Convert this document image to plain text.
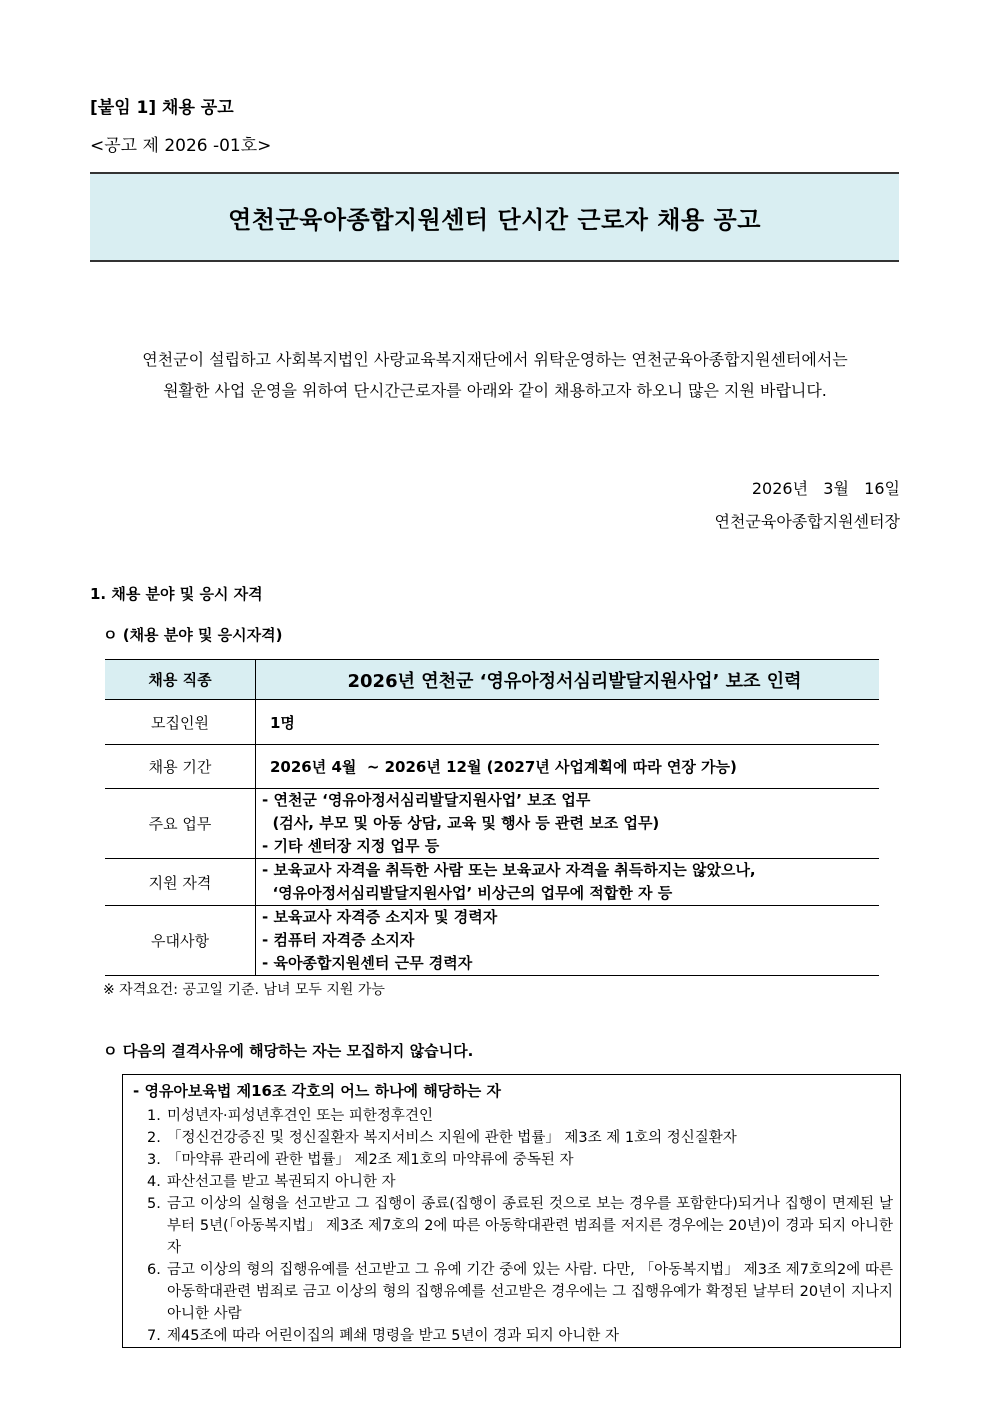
[붙임 1] 채용 공고
<공고 제 2026 -01호>
연천군육아종합지원센터 단시간 근로자 채용 공고
연천군이 설립하고 사회복지법인 사랑교육복지재단에서 위탁운영하는 연천군육아종합지원센터에서는
원활한 사업 운영을 위하여 단시간근로자를 아래와 같이 채용하고자 하오니 많은 지원 바랍니다.
2026년   3월   16일
연천군육아종합지원센터장
1. 채용 분야 및 응시 자격
ㅇ (채용 분야 및 응시자격)
채용 직종	2026년 연천군 ‘영유아정서심리발달지원사업’ 보조 인력
모집인원	1명
채용 기간	2026년 4월  ~ 2026년 12월 (2027년 사업계획에 따라 연장 가능)
주요 업무	- 연천군 ‘영유아정서심리발달지원사업’ 보조 업무
(검사, 부모 및 아동 상담, 교육 및 행사 등 관련 보조 업무)
- 기타 센터장 지정 업무 등

지원 자격	- 보육교사 자격을 취득한 사람 또는 보육교사 자격을 취득하지는 않았으나,
‘영유아정서심리발달지원사업’ 비상근의 업무에 적합한 자 등

우대사항	- 보육교사 자격증 소지자 및 경력자
- 컴퓨터 자격증 소지자
- 육아종합지원센터 근무 경력자
※ 자격요건: 공고일 기준. 남녀 모두 지원 가능
ㅇ 다음의 결격사유에 해당하는 자는 모집하지 않습니다.
- 영유아보육법 제16조 각호의 어느 하나에 해당하는 자
1. 미성년자·피성년후견인 또는 피한정후견인
2. 「정신건강증진 및 정신질환자 복지서비스 지원에 관한 법률」 제3조 제 1호의 정신질환자
3. 「마약류 관리에 관한 법률」 제2조 제1호의 마약류에 중독된 자
4. 파산선고를 받고 복권되지 아니한 자
5. 금고 이상의 실형을 선고받고 그 집행이 종료(집행이 종료된 것으로 보는 경우를 포함한다)되거나 집행이 면제된 날부터 5년(「아동복지법」 제3조 제7호의 2에 따른 아동학대관련 범죄를 저지른 경우에는 20년)이 경과 되지 아니한 자
6. 금고 이상의 형의 집행유예를 선고받고 그 유예 기간 중에 있는 사람. 다만, 「아동복지법」 제3조 제7호의2에 따른 아동학대관련 범죄로 금고 이상의 형의 집행유예를 선고받은 경우에는 그 집행유예가 확정된 날부터 20년이 지나지 아니한 사람
7. 제45조에 따라 어린이집의 폐쇄 명령을 받고 5년이 경과 되지 아니한 자
